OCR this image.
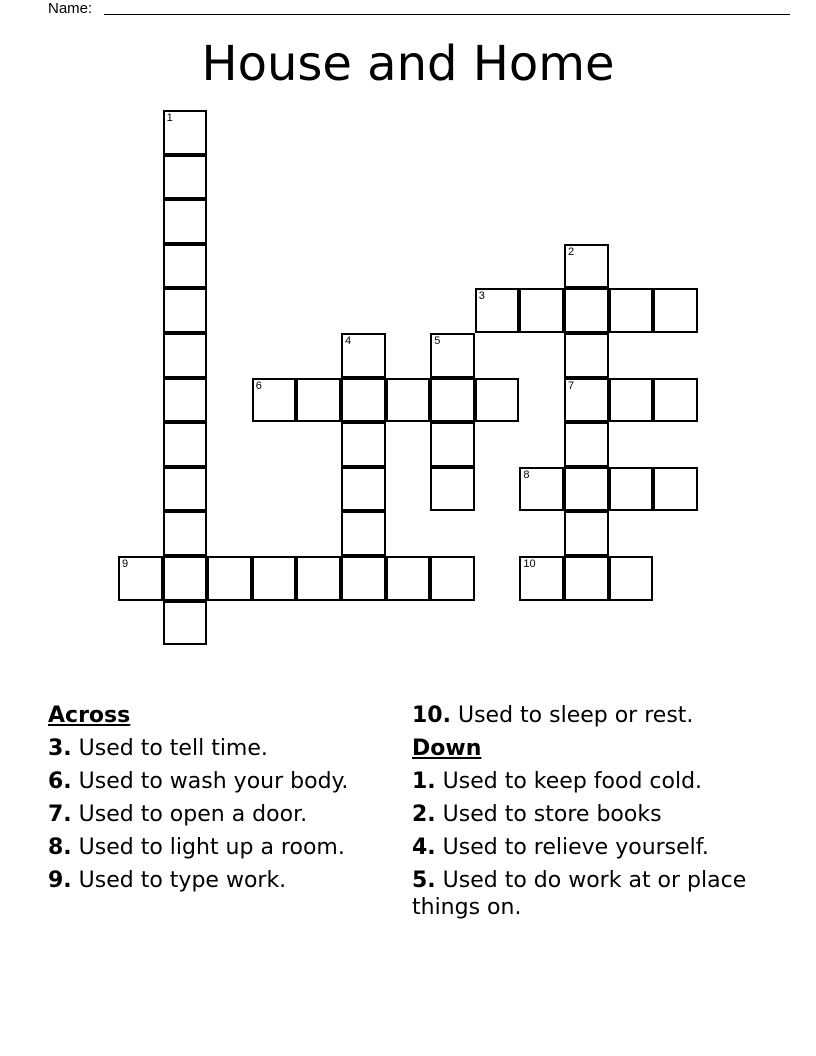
Name:
House and Home
1
2
3
4	5
6	7
8
9	10
Across
3. Used to tell time.
6. Used to wash your body.
7. Used to open a door.
8. Used to light up a room.
9. Used to type work.
10. Used to sleep or rest.
Down
1. Used to keep food cold.
2. Used to store books
4. Used to relieve yourself.
5. Used to do work at or place things on.
